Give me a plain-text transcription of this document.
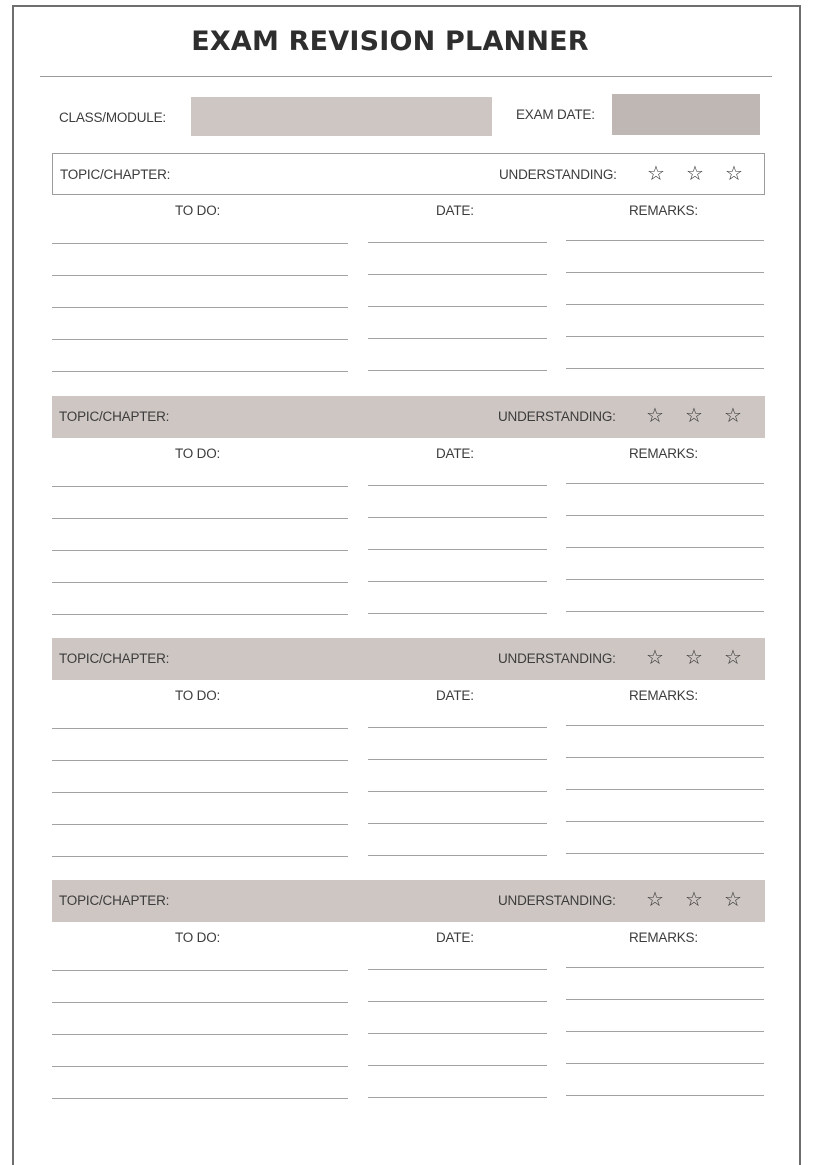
EXAM REVISION PLANNER
CLASS/MODULE:	EXAM DATE:
TOPIC/CHAPTER:	UNDERSTANDING: ☆ ☆ ☆
TO DO:	DATE:	REMARKS:
TOPIC/CHAPTER:	UNDERSTANDING: ☆ ☆ ☆
TO DO:	DATE:	REMARKS:
TOPIC/CHAPTER:	UNDERSTANDING: ☆ ☆ ☆
TO DO:	DATE:	REMARKS:
TOPIC/CHAPTER:	UNDERSTANDING: ☆ ☆ ☆
TO DO:	DATE:	REMARKS:
